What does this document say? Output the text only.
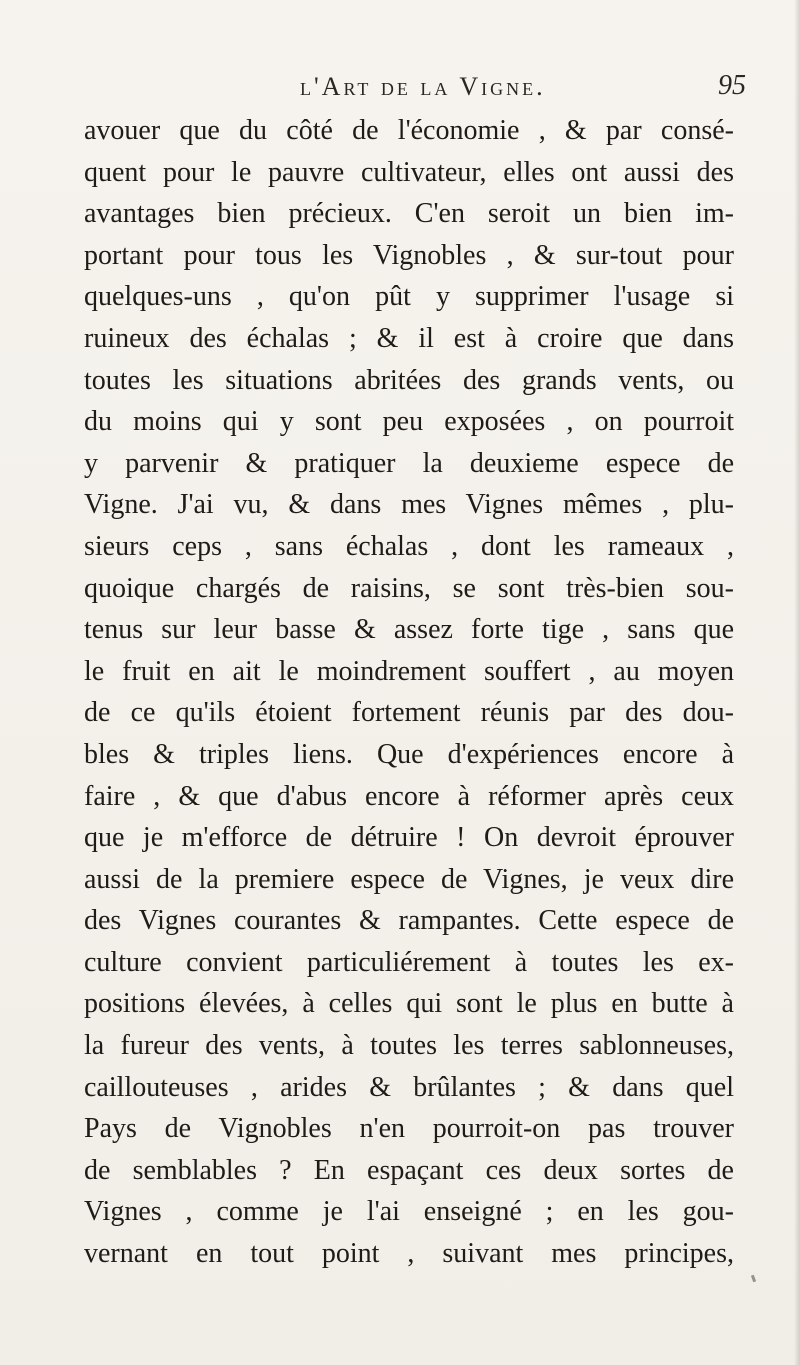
l'Art de la Vigne.	95
avouer que du côté de l'économie , & par consé-
quent pour le pauvre cultivateur, elles ont aussi des
avantages bien précieux. C'en seroit un bien im-
portant pour tous les Vignobles , & sur-tout pour
quelques-uns , qu'on pût y supprimer l'usage si
ruineux des échalas ; & il est à croire que dans
toutes les situations abritées des grands vents, ou
du moins qui y sont peu exposées , on pourroit
y parvenir & pratiquer la deuxieme espece de
Vigne. J'ai vu, & dans mes Vignes mêmes , plu-
sieurs ceps , sans échalas , dont les rameaux ,
quoique chargés de raisins, se sont très-bien sou-
tenus sur leur basse & assez forte tige , sans que
le fruit en ait le moindrement souffert , au moyen
de ce qu'ils étoient fortement réunis par des dou-
bles & triples liens. Que d'expériences encore à
faire , & que d'abus encore à réformer après ceux
que je m'efforce de détruire ! On devroit éprouver
aussi de la premiere espece de Vignes, je veux dire
des Vignes courantes & rampantes. Cette espece de
culture convient particuliérement à toutes les ex-
positions élevées, à celles qui sont le plus en butte à
la fureur des vents, à toutes les terres sablonneuses,
caillouteuses , arides & brûlantes ; & dans quel
Pays de Vignobles n'en pourroit-on pas trouver
de semblables ? En espaçant ces deux sortes de
Vignes , comme je l'ai enseigné ; en les gou-
vernant en tout point , suivant mes principes,
